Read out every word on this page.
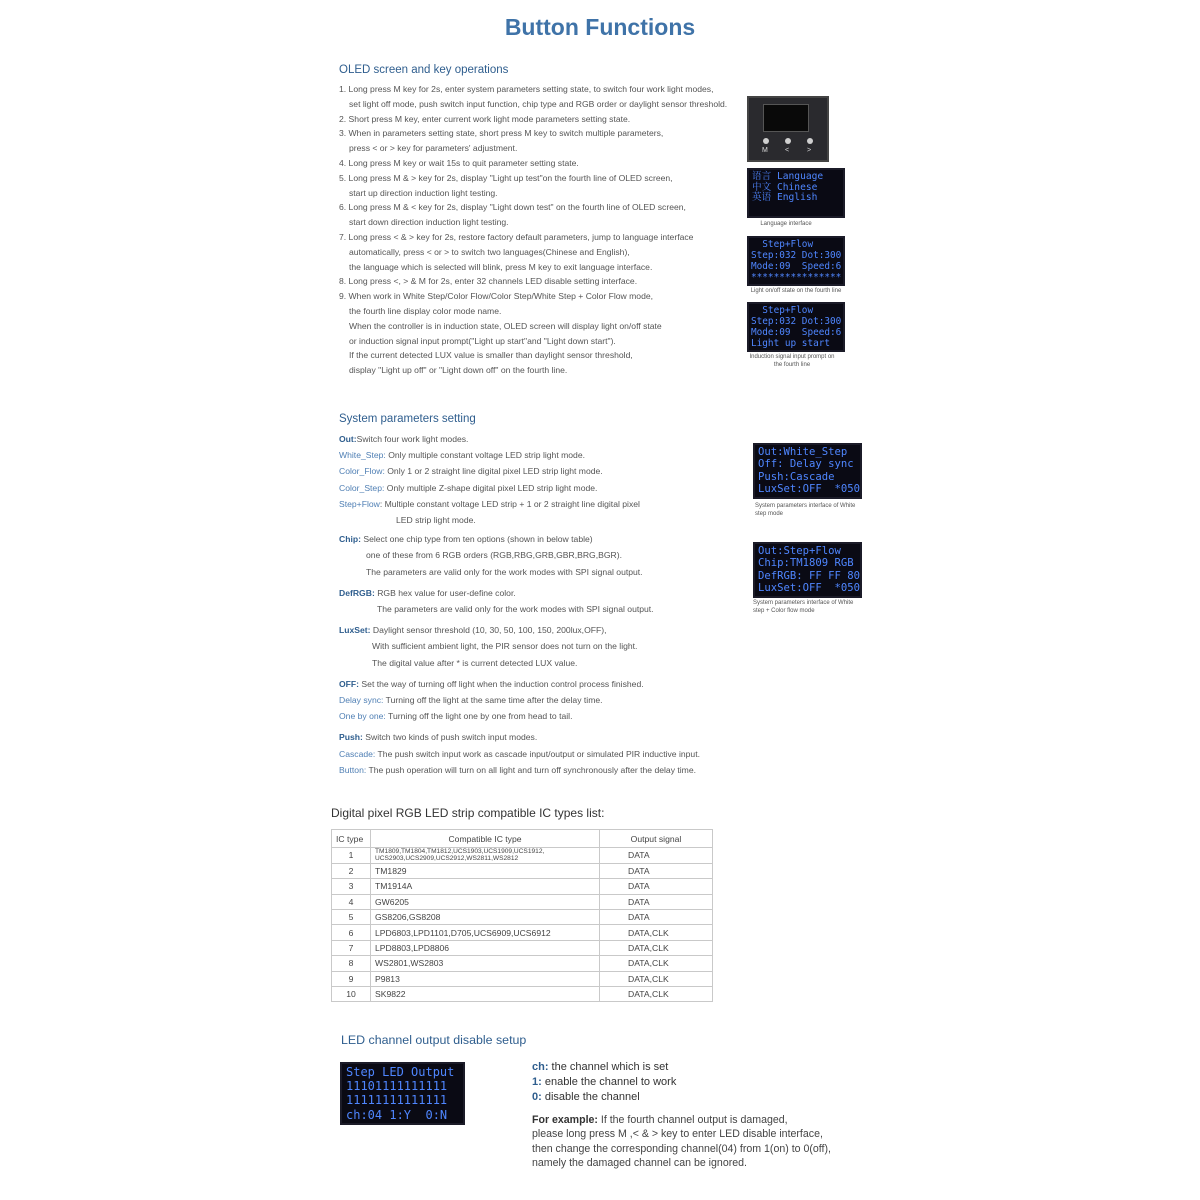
Button Functions
OLED screen and key operations
1. Long press M key for 2s, enter system parameters setting state, to switch four work light modes,
set light off mode, push switch input function, chip type and RGB order or daylight sensor threshold.
2. Short press M key, enter current work light mode parameters setting state.
3. When in parameters setting state, short press M key to switch multiple parameters,
press < or > key for parameters' adjustment.
4. Long press M key or wait 15s to quit parameter setting state.
5. Long press M & > key for 2s, display "Light up test"on the fourth line of OLED screen,
start up direction induction light testing.
6. Long press M & < key for 2s, display "Light down test" on the fourth line of OLED screen,
start down direction induction light testing.
7. Long press < & > key for 2s, restore factory default parameters, jump to language interface
automatically, press < or > to switch two languages(Chinese and English),
the language which is selected will blink, press M key to exit language interface.
8. Long press <, > & M for 2s, enter 32 channels LED disable setting interface.
9. When work in White Step/Color Flow/Color Step/White Step + Color Flow mode,
the fourth line display color mode name.
When the controller is in induction state, OLED screen will display light on/off state
or induction signal input prompt("Light up start"and "Light down start").
If the current detected LUX value is smaller than daylight sensor threshold,
display "Light up off" or "Light down off" on the fourth line.
M <	>
语言 Language
中文 Chinese
英语 English
Language interface
Step+Flow
Step:032 Dot:300
Mode:09  Speed:6
****************
Light on/off state on the fourth line
Step+Flow
Step:032 Dot:300
Mode:09  Speed:6
Light up start
Induction signal input prompt on the fourth line
System parameters setting
Out:Switch four work light modes.
White_Step: Only multiple constant voltage LED strip light mode.
Color_Flow: Only 1 or 2 straight line digital pixel LED strip light mode.
Color_Step: Only multiple Z-shape digital pixel LED strip light mode.
Step+Flow: Multiple constant voltage LED strip + 1 or 2 straight line digital pixel
LED strip light mode.
Chip: Select one chip type from ten options (shown in below table)
one of these from 6 RGB orders (RGB,RBG,GRB,GBR,BRG,BGR).
The parameters are valid only for the work modes with SPI signal output.
DefRGB: RGB hex value for user-define color.
The parameters are valid only for the work modes with SPI signal output.
LuxSet: Daylight sensor threshold (10, 30, 50, 100, 150, 200lux,OFF),
With sufficient ambient light, the PIR sensor does not turn on the light.
The digital value after * is current detected LUX value.
OFF: Set the way of turning off light when the induction control process finished.
Delay sync: Turning off the light at the same time after the delay time.
One by one: Turning off the light one by one from head to tail.
Push: Switch two kinds of push switch input modes.
Cascade: The push switch input work as cascade input/output or simulated PIR inductive input.
Button: The push operation will turn on all light and turn off synchronously after the delay time.
Out:White_Step
Off: Delay sync
Push:Cascade
LuxSet:OFF  *050
System parameters interface of White step mode
Out:Step+Flow
Chip:TM1809 RGB
DefRGB: FF FF 80
LuxSet:OFF  *050
System parameters interface of White step + Color flow mode
Digital pixel RGB LED strip compatible IC types list:
IC type	Compatible IC type	Output signal
1	TM1809,TM1804,TM1812,UCS1903,UCS1909,UCS1912,
UCS2903,UCS2909,UCS2912,WS2811,WS2812	DATA
2	TM1829	DATA
3	TM1914A	DATA
4	GW6205	DATA
5	GS8206,GS8208	DATA
6	LPD6803,LPD1101,D705,UCS6909,UCS6912	DATA,CLK
7	LPD8803,LPD8806	DATA,CLK
8	WS2801,WS2803	DATA,CLK
9	P9813	DATA,CLK
10	SK9822	DATA,CLK
LED channel output disable setup
Step LED Output
11101111111111
11111111111111
ch:04 1:Y  0:N
ch: the channel which is set
1: enable the channel to work
0: disable the channel
For example: If the fourth channel output is damaged,
please long press M ,< & > key to enter LED disable interface,
then change the corresponding channel(04) from 1(on) to 0(off),
namely the damaged channel can be ignored.
